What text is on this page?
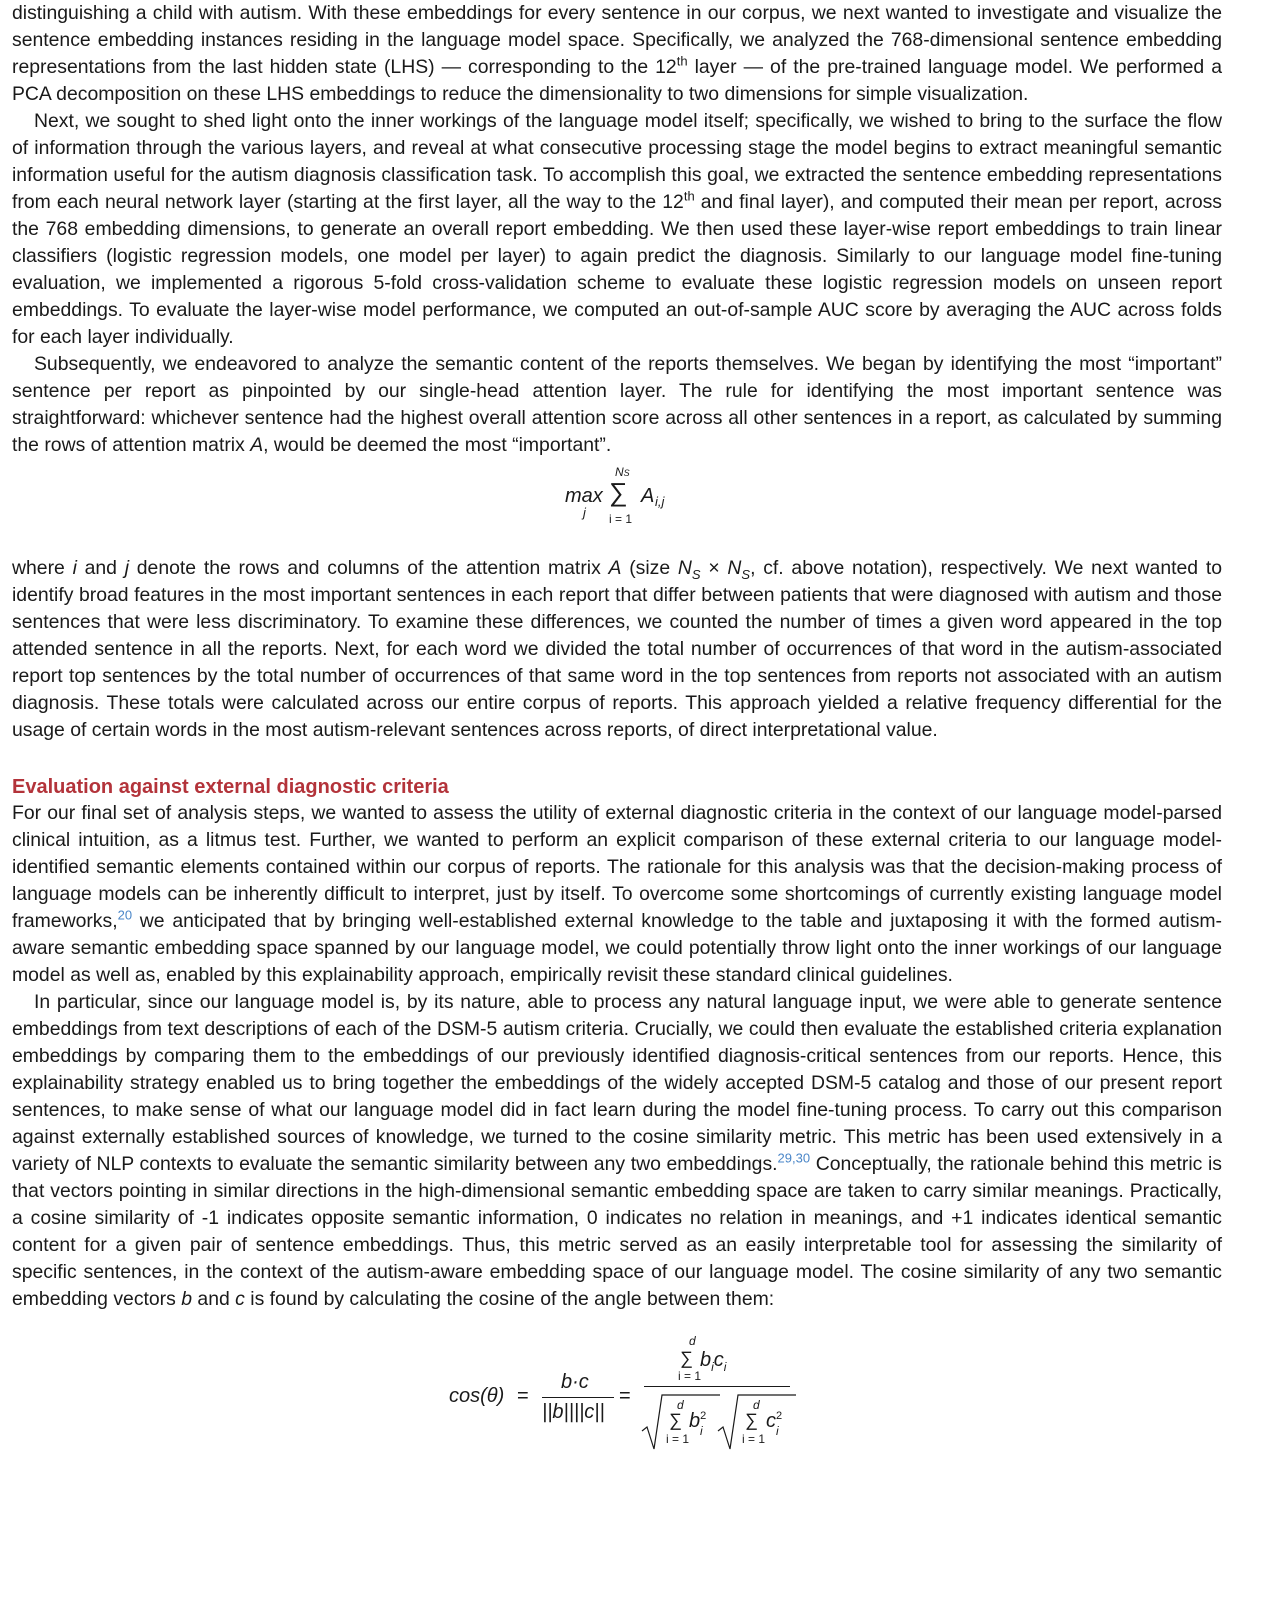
distinguishing a child with autism. With these embeddings for every sentence in our corpus, we next wanted to investigate and visualize the sentence embedding instances residing in the language model space. Specifically, we analyzed the 768-dimensional sentence embedding representations from the last hidden state (LHS) — corresponding to the 12th layer — of the pre-trained language model. We performed a PCA decomposition on these LHS embeddings to reduce the dimensionality to two dimensions for simple visualization.

Next, we sought to shed light onto the inner workings of the language model itself; specifically, we wished to bring to the surface the flow of information through the various layers, and reveal at what consecutive processing stage the model begins to extract meaningful semantic information useful for the autism diagnosis classification task. To accomplish this goal, we extracted the sentence embedding representations from each neural network layer (starting at the first layer, all the way to the 12th and final layer), and computed their mean per report, across the 768 embedding dimensions, to generate an overall report embedding. We then used these layer-wise report embeddings to train linear classifiers (logistic regression models, one model per layer) to again predict the diagnosis. Similarly to our language model fine-tuning evaluation, we implemented a rigorous 5-fold cross-validation scheme to evaluate these logistic regression models on unseen report embeddings. To evaluate the layer-wise model performance, we computed an out-of-sample AUC score by averaging the AUC across folds for each layer individually.

Subsequently, we endeavored to analyze the semantic content of the reports themselves. We began by identifying the most “important” sentence per report as pinpointed by our single-head attention layer. The rule for identifying the most important sentence was straightforward: whichever sentence had the highest overall attention score across all other sentences in a report, as calculated by summing the rows of attention matrix A, would be deemed the most “important”.

max
j
NS
∑
i = 1
A i,j

where i and j denote the rows and columns of the attention matrix A (size $N_S \times N_S$, cf. above notation), respectively. We next wanted to identify broad features in the most important sentences in each report that differ between patients that were diagnosed with autism and those sentences that were less discriminatory. To examine these differences, we counted the number of times a given word appeared in the top attended sentence in all the reports. Next, for each word we divided the total number of occurrences of that word in the autism-associated report top sentences by the total number of occurrences of that same word in the top sentences from reports not associated with an autism diagnosis. These totals were calculated across our entire corpus of reports. This approach yielded a relative frequency differential for the usage of certain words in the most autism-relevant sentences across reports, of direct interpretational value.

Evaluation against external diagnostic criteria

For our final set of analysis steps, we wanted to assess the utility of external diagnostic criteria in the context of our language model-parsed clinical intuition, as a litmus test. Further, we wanted to perform an explicit comparison of these external criteria to our language model-identified semantic elements contained within our corpus of reports. The rationale for this analysis was that the decision-making process of language models can be inherently difficult to interpret, just by itself. To overcome some shortcomings of currently existing language model frameworks,$^{20}$ we anticipated that by bringing well-established external knowledge to the table and juxtaposing it with the formed autism-aware semantic embedding space spanned by our language model, we could potentially throw light onto the inner workings of our language model as well as, enabled by this explainability approach, empirically revisit these standard clinical guidelines.

In particular, since our language model is, by its nature, able to process any natural language input, we were able to generate sentence embeddings from text descriptions of each of the DSM-5 autism criteria. Crucially, we could then evaluate the established criteria explanation embeddings by comparing them to the embeddings of our previously identified diagnosis-critical sentences from our reports. Hence, this explainability strategy enabled us to bring together the embeddings of the widely accepted DSM-5 catalog and those of our present report sentences, to make sense of what our language model did in fact learn during the model fine-tuning process. To carry out this comparison against externally established sources of knowledge, we turned to the cosine similarity metric. This metric has been used extensively in a variety of NLP contexts to evaluate the semantic similarity between any two embeddings.$^{29,30}$ Conceptually, the rationale behind this metric is that vectors pointing in similar directions in the high-dimensional semantic embedding space are taken to carry similar meanings. Practically, a cosine similarity of -1 indicates opposite semantic information, 0 indicates no relation in meanings, and +1 indicates identical semantic content for a given pair of sentence embeddings. Thus, this metric served as an easily interpretable tool for assessing the similarity of specific sentences, in the context of the autism-aware embedding space of our language model. The cosine similarity of any two semantic embedding vectors b and c is found by calculating the cosine of the angle between them:

cos(θ) =
b·c
||b||||c||
=
d
∑
i = 1
$b_ic_i$
d
∑
i = 1
$b^2$
i
d
∑
i = 1
$c^2$
i
